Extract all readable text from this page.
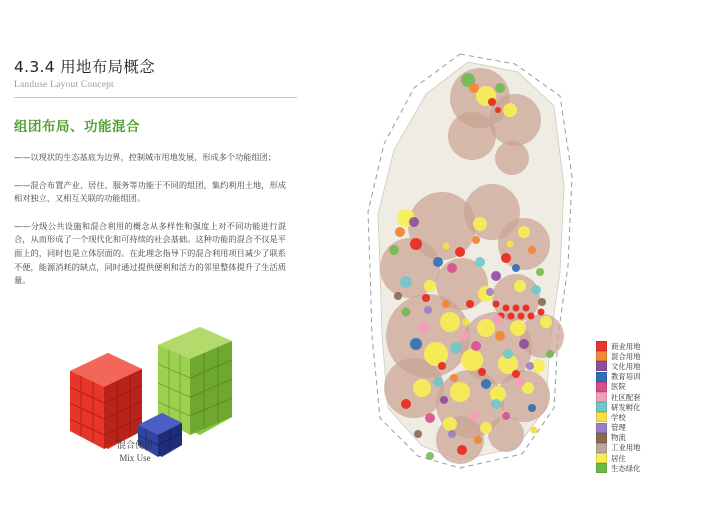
4.3.4 用地布局概念
Landuse Layout Concept
组团布局、功能混合
——以现状的生态基底为边界，控制城市用地发展，形成多个功能组团；
——混合布置产业、居住、服务等功能于不同的组团，集约利用土地，形成相对独立、又相互关联的功能组团。
——分级公共设施和混合利用的概念从多样性和强度上对不同功能进行混合，从而形成了一个现代化和可持续的社会基础。这种功能的混合不仅是平面上的，同时也是立体层面的。在此理念指导下的混合利用项目减少了联系不便，能源消耗的缺点，同时通过提供便利和活力的邻里整体提升了生活质量。
混合使用
Mix Use
商业用地
混合用地
文化用地
教育培训
医院
社区配套
研发孵化
学校
管理
物流
工业用地
居住
生态绿化
